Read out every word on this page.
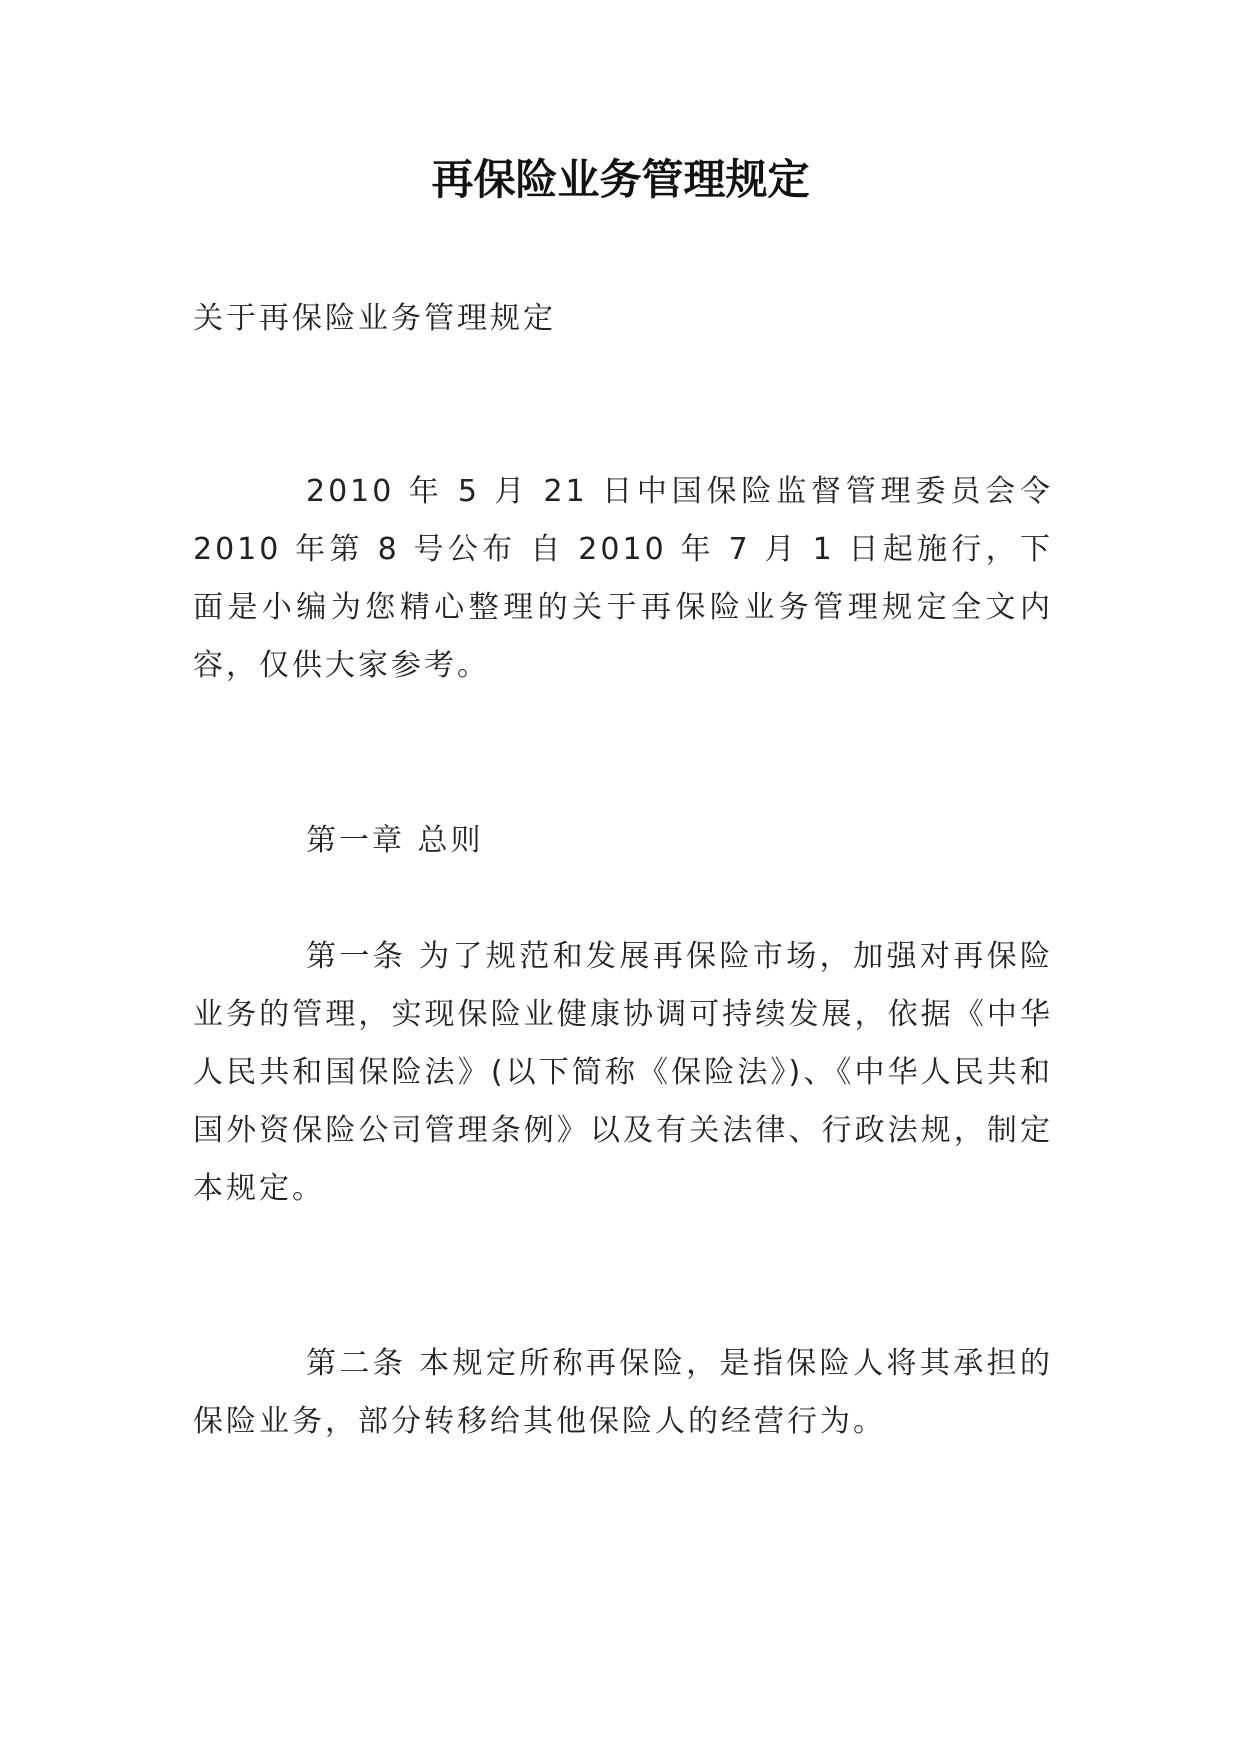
再保险业务管理规定

关于再保险业务管理规定

2010 年 5 月 21 日中国保险监督管理委员会令 2010 年第 8 号公布 自 2010 年 7 月 1 日起施行，下面是小编为您精心整理的关于再保险业务管理规定全文内容，仅供大家参考。

第一章 总则

第一条 为了规范和发展再保险市场，加强对再保险业务的管理，实现保险业健康协调可持续发展，依据《中华人民共和国保险法》(以下简称《保险法》)、《中华人民共和国外资保险公司管理条例》以及有关法律、行政法规，制定本规定。

第二条 本规定所称再保险，是指保险人将其承担的保险业务，部分转移给其他保险人的经营行为。
